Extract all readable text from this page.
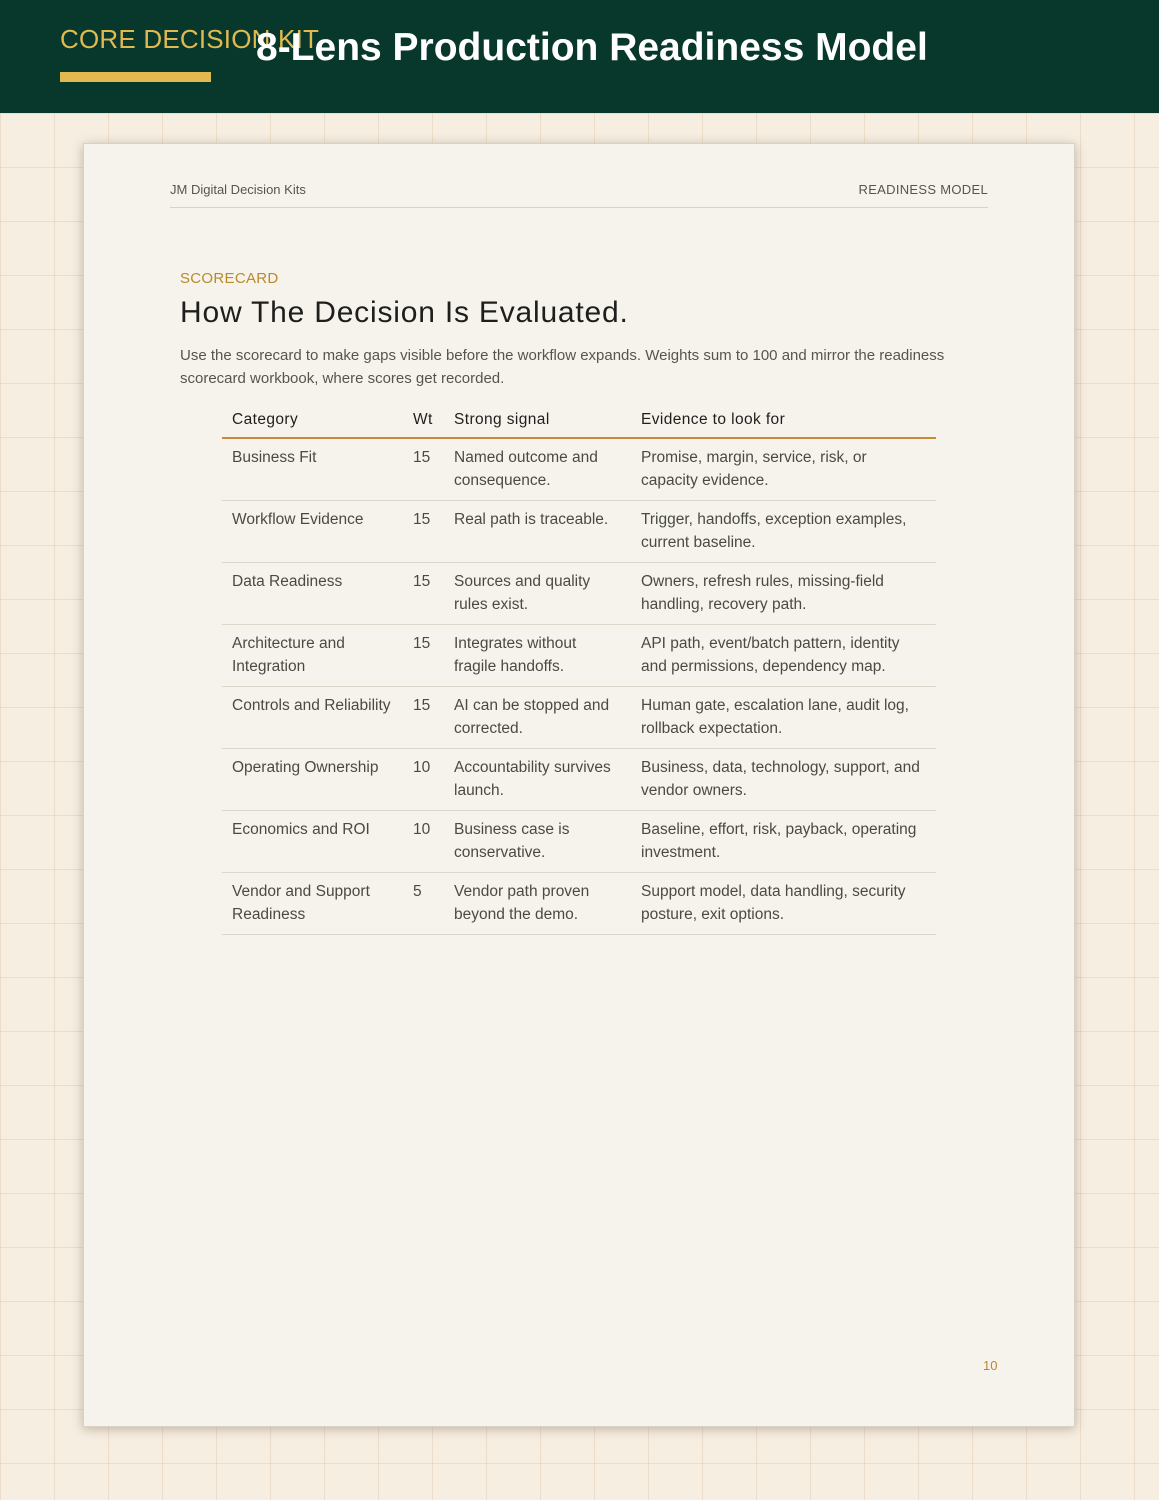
CORE DECISION KIT
8-Lens Production Readiness Model
JM Digital Decision Kits	READINESS MODEL
SCORECARD
How The Decision Is Evaluated.
Use the scorecard to make gaps visible before the workflow expands. Weights sum to 100 and mirror the readiness scorecard workbook, where scores get recorded.
Category	Wt	Strong signal	Evidence to look for
Business Fit	15	Named outcome and consequence.	Promise, margin, service, risk, or capacity evidence.
Workflow Evidence	15	Real path is traceable.	Trigger, handoffs, exception examples, current baseline.
Data Readiness	15	Sources and quality rules exist.	Owners, refresh rules, missing-field handling, recovery path.
Architecture and Integration	15	Integrates without fragile handoffs.	API path, event/batch pattern, identity and permissions, dependency map.
Controls and Reliability	15	AI can be stopped and corrected.	Human gate, escalation lane, audit log, rollback expectation.
Operating Ownership	10	Accountability survives launch.	Business, data, technology, support, and vendor owners.
Economics and ROI	10	Business case is conservative.	Baseline, effort, risk, payback, operating investment.
Vendor and Support Readiness	5	Vendor path proven beyond the demo.	Support model, data handling, security posture, exit options.
10
